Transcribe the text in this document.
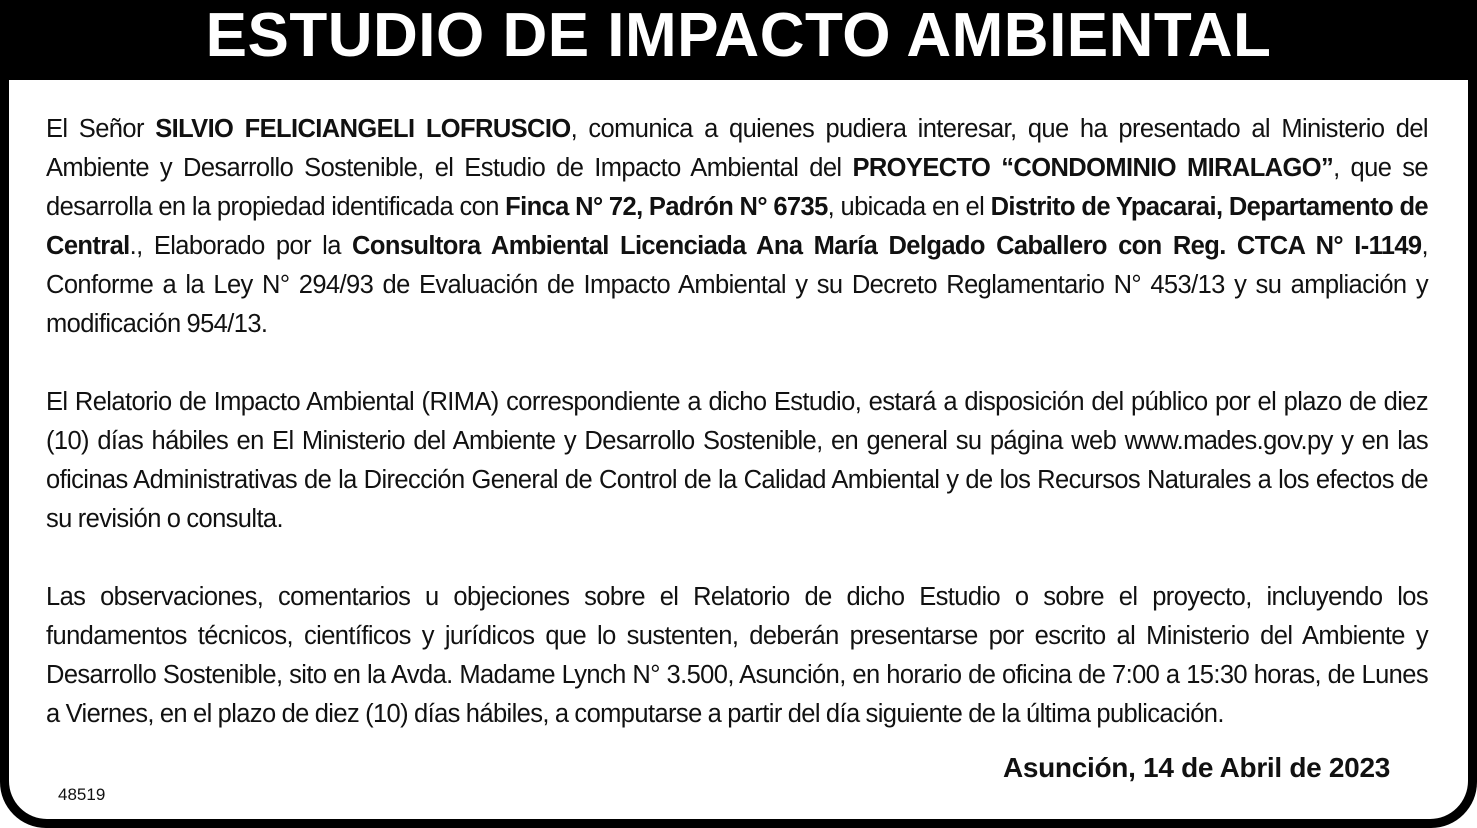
ESTUDIO DE IMPACTO AMBIENTAL

El Señor SILVIO FELICIANGELI LOFRUSCIO, comunica a quienes pudiera interesar, que ha presentado al Ministerio del Ambiente y Desarrollo Sostenible, el Estudio de Impacto Ambiental del PROYECTO “CONDOMINIO MIRALAGO”, que se desarrolla en la propiedad identificada con Finca N° 72, Padrón N° 6735, ubicada en el Distrito de Ypacarai, Departamento de Central., Elaborado por la Consultora Ambiental Licenciada Ana María Delgado Caballero con Reg. CTCA N° I-1149, Conforme a la Ley N° 294/93 de Evaluación de Impacto Ambiental y su Decreto Reglamentario N° 453/13 y su ampliación y modificación 954/13.

El Relatorio de Impacto Ambiental (RIMA) correspondiente a dicho Estudio, estará a disposición del público por el plazo de diez (10) días hábiles en El Ministerio del Ambiente y Desarrollo Sostenible, en general su página web www.mades.gov.py y en las oficinas Administrativas de la Dirección General de Control de la Calidad Ambiental y de los Recursos Naturales a los efectos de su revisión o consulta.

Las observaciones, comentarios u objeciones sobre el Relatorio de dicho Estudio o sobre el proyecto, incluyendo los fundamentos técnicos, científicos y jurídicos que lo sustenten, deberán presentarse por escrito al Ministerio del Ambiente y Desarrollo Sostenible, sito en la Avda. Madame Lynch N° 3.500, Asunción, en horario de oficina de 7:00 a 15:30 horas, de Lunes a Viernes, en el plazo de diez (10) días hábiles, a computarse a partir del día siguiente de la última publicación.

Asunción, 14 de Abril de 2023
48519
